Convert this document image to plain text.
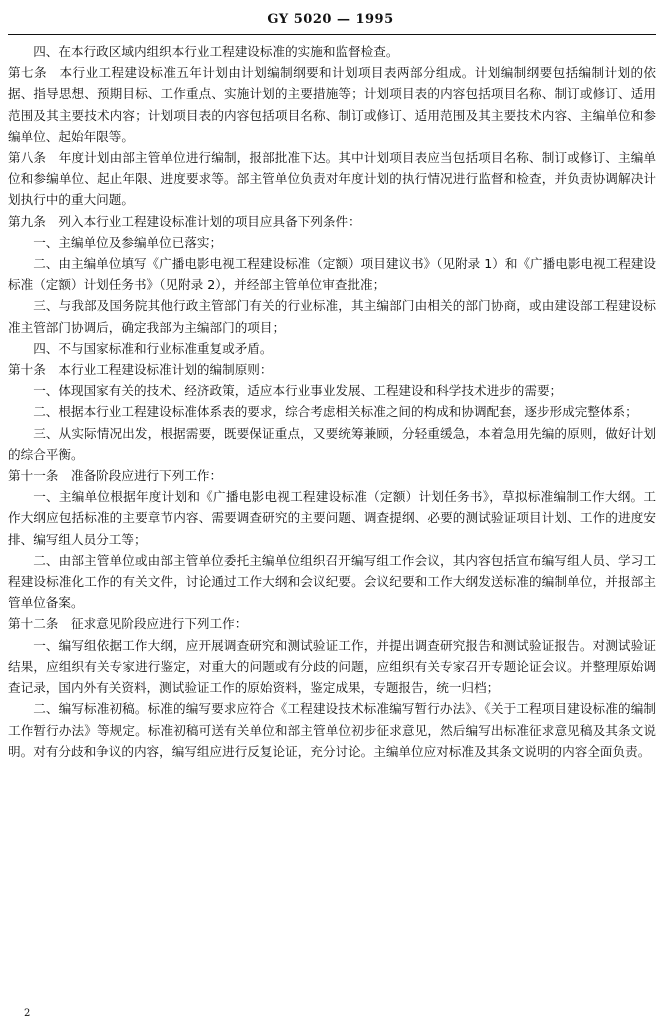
GY 5020 — 1995

四、在本行政区域内组织本行业工程建设标准的实施和监督检查。

第七条 本行业工程建设标准五年计划由计划编制纲要和计划项目表两部分组成。计划编制纲要包括编制计划的依据、指导思想、预期目标、工作重点、实施计划的主要措施等；计划项目表的内容包括项目名称、制订或修订、适用范围及其主要技术内容；计划项目表的内容包括项目名称、制订或修订、适用范围及其主要技术内容、主编单位和参编单位、起始年限等。

第八条 年度计划由部主管单位进行编制，报部批准下达。其中计划项目表应当包括项目名称、制订或修订、主编单位和参编单位、起止年限、进度要求等。部主管单位负责对年度计划的执行情况进行监督和检查，并负责协调解决计划执行中的重大问题。

第九条 列入本行业工程建设标准计划的项目应具备下列条件：

一、主编单位及参编单位已落实；

二、由主编单位填写《广播电影电视工程建设标准（定额）项目建议书》（见附录 1）和《广播电影电视工程建设标准（定额）计划任务书》（见附录 2），并经部主管单位审查批准；

三、与我部及国务院其他行政主管部门有关的行业标准，其主编部门由相关的部门协商，或由建设部工程建设标准主管部门协调后，确定我部为主编部门的项目；

四、不与国家标准和行业标准重复或矛盾。

第十条 本行业工程建设标准计划的编制原则：

一、体现国家有关的技术、经济政策，适应本行业事业发展、工程建设和科学技术进步的需要；

二、根据本行业工程建设标准体系表的要求，综合考虑相关标准之间的构成和协调配套，逐步形成完整体系；

三、从实际情况出发，根据需要，既要保证重点，又要统筹兼顾，分轻重缓急，本着急用先编的原则，做好计划的综合平衡。

第十一条 准备阶段应进行下列工作：

一、主编单位根据年度计划和《广播电影电视工程建设标准（定额）计划任务书》，草拟标准编制工作大纲。工作大纲应包括标准的主要章节内容、需要调查研究的主要问题、调查提纲、必要的测试验证项目计划、工作的进度安排、编写组人员分工等；

二、由部主管单位或由部主管单位委托主编单位组织召开编写组工作会议，其内容包括宣布编写组人员、学习工程建设标准化工作的有关文件，讨论通过工作大纲和会议纪要。会议纪要和工作大纲发送标准的编制单位，并报部主管单位备案。

第十二条 征求意见阶段应进行下列工作：

一、编写组依据工作大纲，应开展调查研究和测试验证工作，并提出调查研究报告和测试验证报告。对测试验证结果，应组织有关专家进行鉴定，对重大的问题或有分歧的问题，应组织有关专家召开专题论证会议。并整理原始调查记录，国内外有关资料，测试验证工作的原始资料，鉴定成果，专题报告，统一归档；

二、编写标准初稿。标准的编写要求应符合《工程建设技术标准编写暂行办法》、《关于工程项目建设标准的编制工作暂行办法》等规定。标准初稿可送有关单位和部主管单位初步征求意见，然后编写出标准征求意见稿及其条文说明。对有分歧和争议的内容，编写组应进行反复论证，充分讨论。主编单位应对标准及其条文说明的内容全面负责。

2
